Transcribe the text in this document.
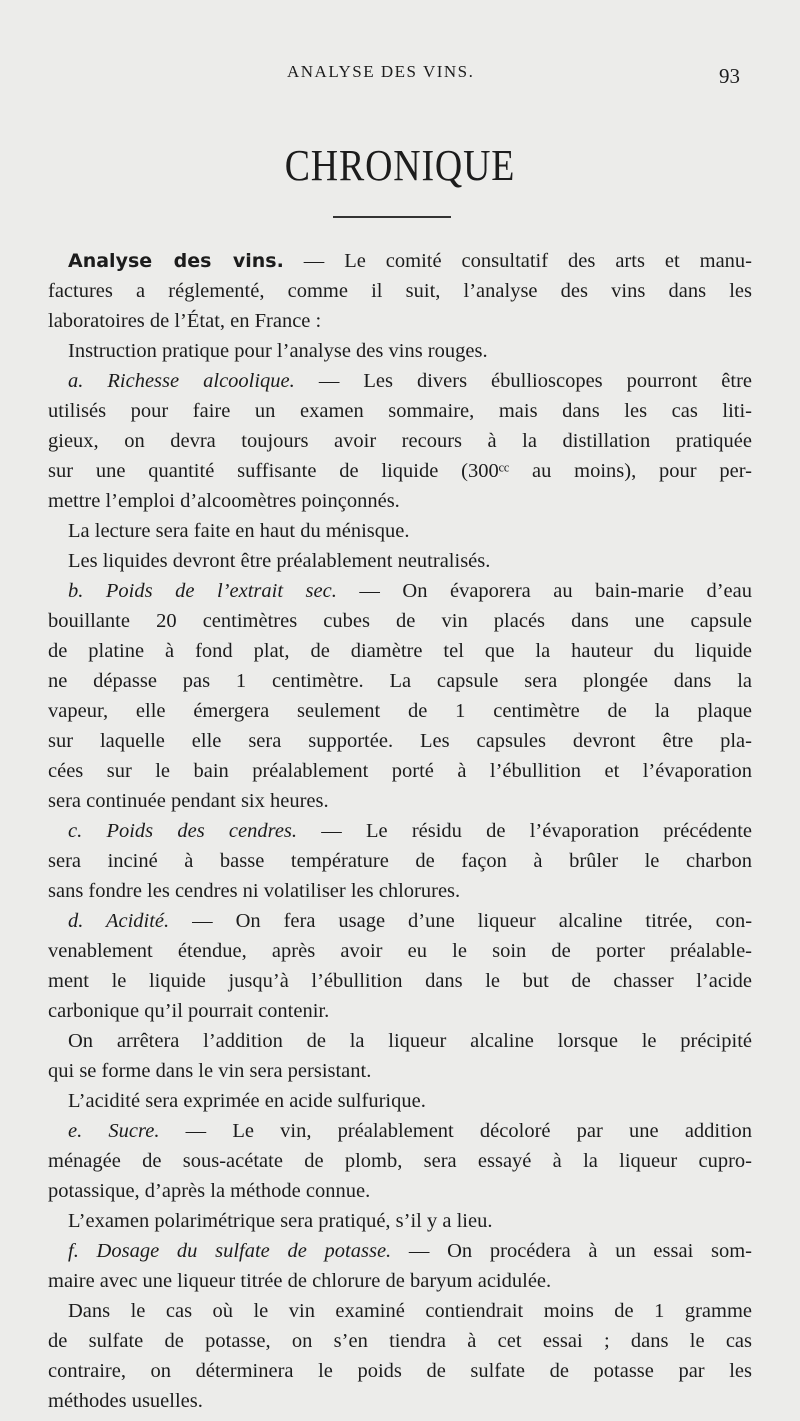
ANALYSE DES VINS.	93
CHRONIQUE
Analyse des vins. — Le comité consultatif des arts et manu-
factures a réglementé, comme il suit, l’analyse des vins dans les
laboratoires de l’État, en France :
Instruction pratique pour l’analyse des vins rouges.
a. Richesse alcoolique. — Les divers ébullioscopes pourront être
utilisés pour faire un examen sommaire, mais dans les cas liti-
gieux, on devra toujours avoir recours à la distillation pratiquée
sur une quantité suffisante de liquide (300ᶜᶜ au moins), pour per-
mettre l’emploi d’alcoomètres poinçonnés.
La lecture sera faite en haut du ménisque.
Les liquides devront être préalablement neutralisés.
b. Poids de l’extrait sec. — On évaporera au bain-marie d’eau
bouillante 20 centimètres cubes de vin placés dans une capsule
de platine à fond plat, de diamètre tel que la hauteur du liquide
ne dépasse pas 1 centimètre. La capsule sera plongée dans la
vapeur, elle émergera seulement de 1 centimètre de la plaque
sur laquelle elle sera supportée. Les capsules devront être pla-
cées sur le bain préalablement porté à l’ébullition et l’évaporation
sera continuée pendant six heures.
c. Poids des cendres. — Le résidu de l’évaporation précédente
sera inciné à basse température de façon à brûler le charbon
sans fondre les cendres ni volatiliser les chlorures.
d. Acidité. — On fera usage d’une liqueur alcaline titrée, con-
venablement étendue, après avoir eu le soin de porter préalable-
ment le liquide jusqu’à l’ébullition dans le but de chasser l’acide
carbonique qu’il pourrait contenir.
On arrêtera l’addition de la liqueur alcaline lorsque le précipité
qui se forme dans le vin sera persistant.
L’acidité sera exprimée en acide sulfurique.
e. Sucre. — Le vin, préalablement décoloré par une addition
ménagée de sous-acétate de plomb, sera essayé à la liqueur cupro-
potassique, d’après la méthode connue.
L’examen polarimétrique sera pratiqué, s’il y a lieu.
f. Dosage du sulfate de potasse. — On procédera à un essai som-
maire avec une liqueur titrée de chlorure de baryum acidulée.
Dans le cas où le vin examiné contiendrait moins de 1 gramme
de sulfate de potasse, on s’en tiendra à cet essai ; dans le cas
contraire, on déterminera le poids de sulfate de potasse par les
méthodes usuelles.
